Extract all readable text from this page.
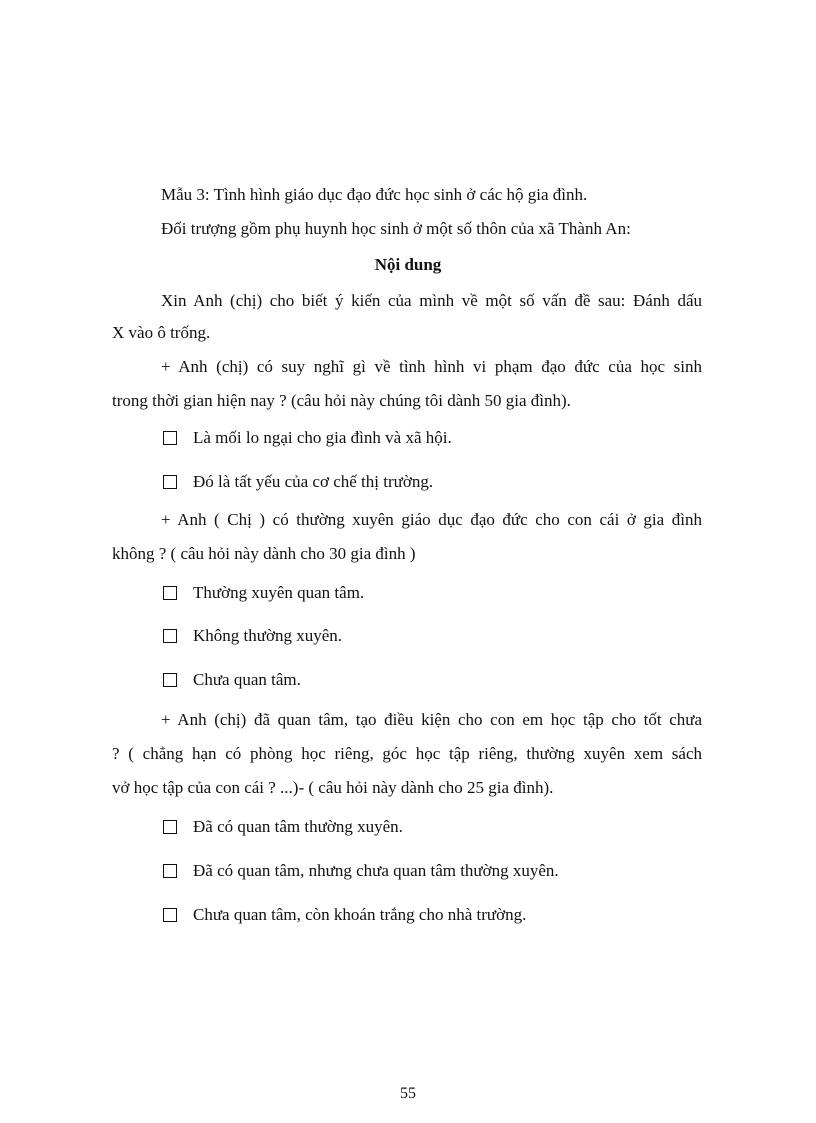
Mẫu 3: Tình hình giáo dục đạo đức học sinh ở các hộ gia đình.

Đối trượng gồm phụ huynh học sinh ở một số thôn của xã Thành An:

Nội dung

Xin Anh (chị) cho biết ý kiến của mình về một số vấn đề sau: Đánh dấu

X vào ô trống.

+ Anh (chị) có suy nghĩ gì về tình hình vi phạm đạo đức của học sinh

trong thời gian hiện nay ? (câu hỏi này chúng tôi dành 50 gia đình).

Là mối lo ngại cho gia đình và xã hội.
Đó là tất yếu của cơ chế thị trường.

+ Anh ( Chị ) có thường xuyên giáo dục đạo đức cho con cái ở gia đình

không ? ( câu hỏi này dành cho 30 gia đình )

Thường xuyên quan tâm.
Không thường xuyên.
Chưa quan tâm.

+ Anh (chị) đã quan tâm, tạo điều kiện cho con em học tập cho tốt chưa

? ( chẳng hạn có phòng học riêng, góc học tập riêng, thường xuyên xem sách

vở học tập của con cái ? ...)- ( câu hỏi này dành cho 25 gia đình).

Đã có quan tâm thường xuyên.
Đã có quan tâm, nhưng chưa quan tâm thường xuyên.
Chưa quan tâm, còn khoán trắng cho nhà trường.

55
